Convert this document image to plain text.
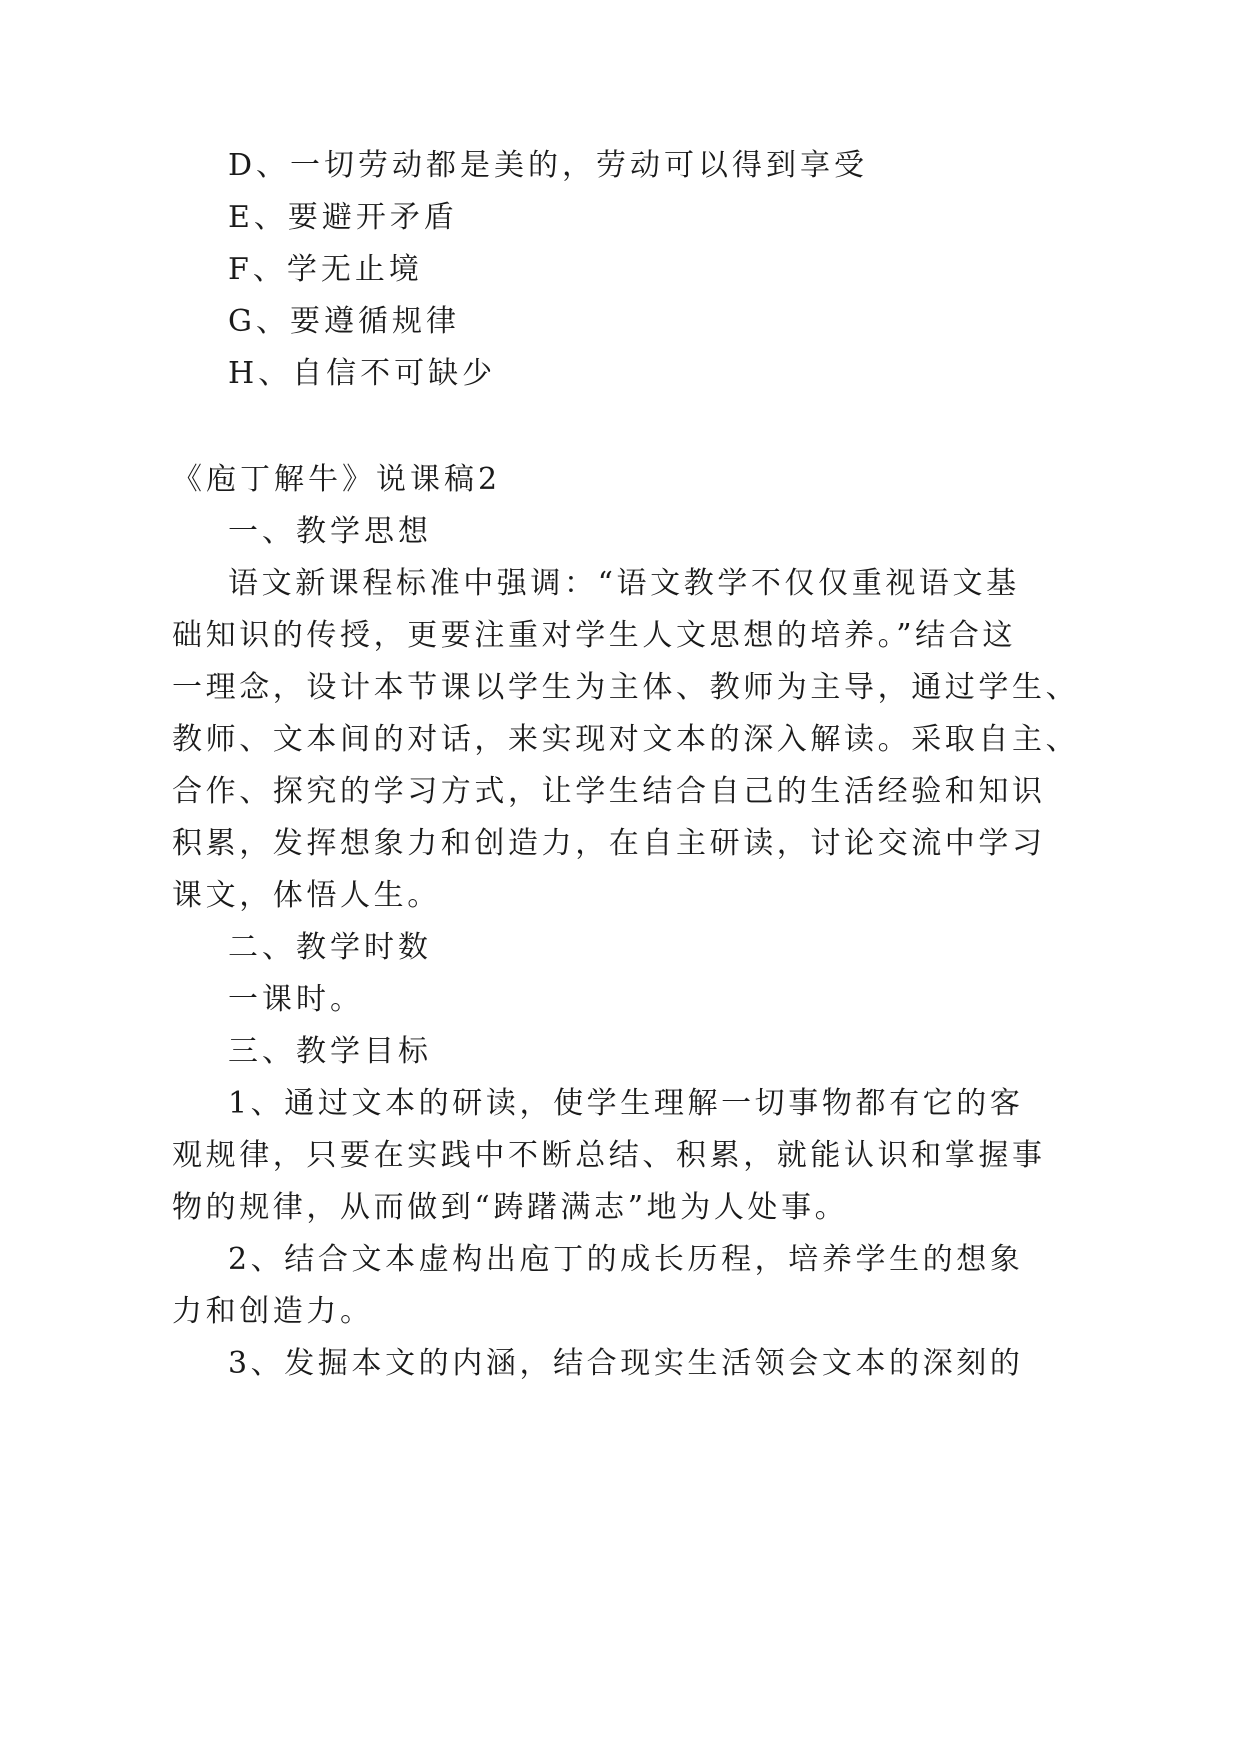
D、一切劳动都是美的，劳动可以得到享受
E、要避开矛盾
F、学无止境
G、要遵循规律
H、自信不可缺少
《庖丁解牛》说课稿2
一、教学思想
语文新课程标准中强调：“语文教学不仅仅重视语文基
础知识的传授，更要注重对学生人文思想的培养。”结合这
一理念，设计本节课以学生为主体、教师为主导，通过学生、
教师、文本间的对话，来实现对文本的深入解读。采取自主、
合作、探究的学习方式，让学生结合自己的生活经验和知识
积累，发挥想象力和创造力，在自主研读，讨论交流中学习
课文，体悟人生。
二、教学时数
一课时。
三、教学目标
1、通过文本的研读，使学生理解一切事物都有它的客
观规律，只要在实践中不断总结、积累，就能认识和掌握事
物的规律，从而做到“踌躇满志”地为人处事。
2、结合文本虚构出庖丁的成长历程，培养学生的想象
力和创造力。
3、发掘本文的内涵，结合现实生活领会文本的深刻的
